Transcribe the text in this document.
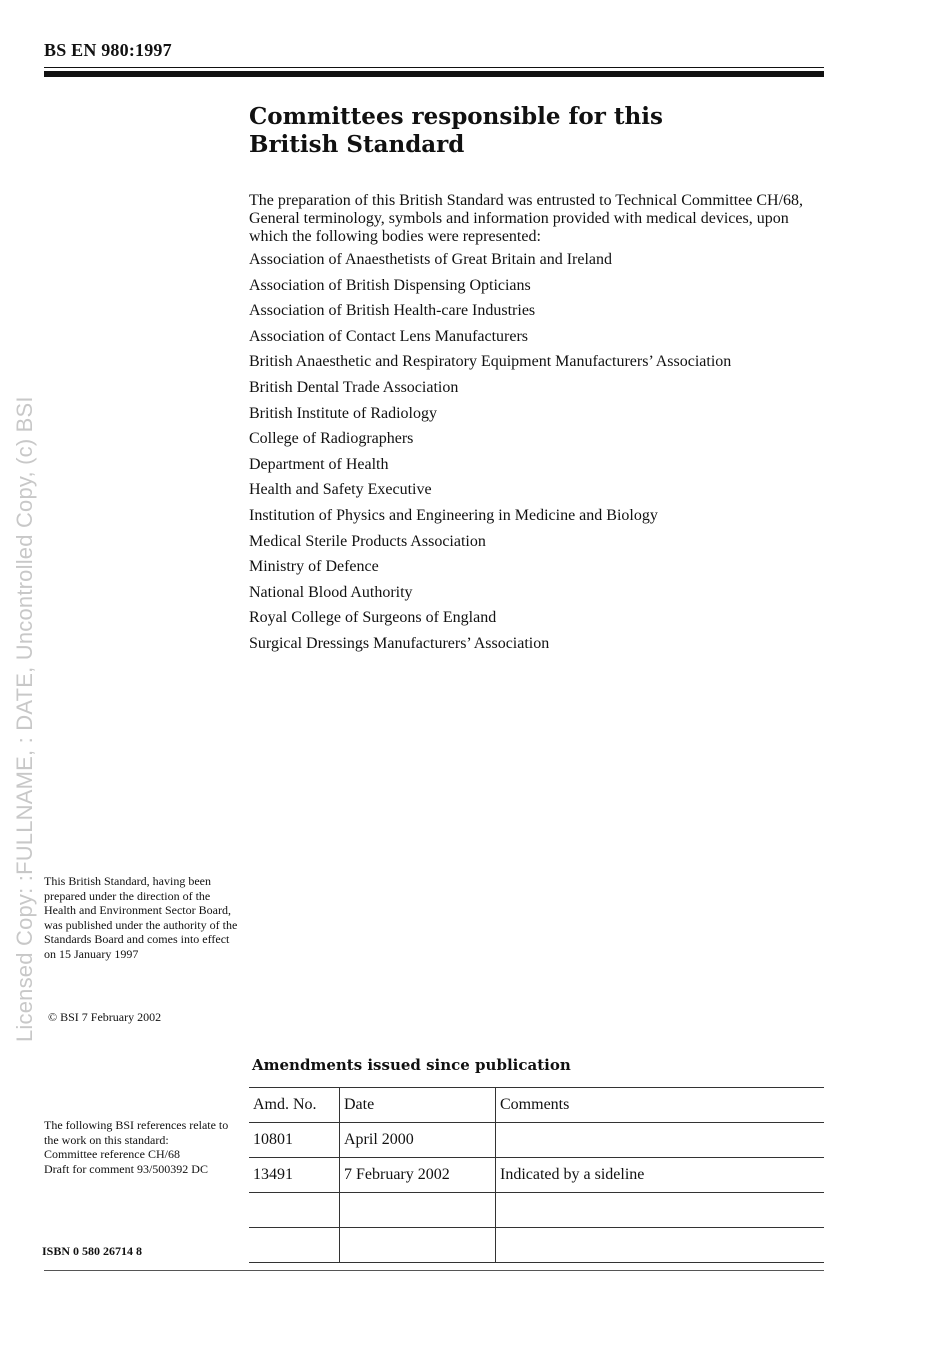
BS EN 980:1997
Licensed Copy: :FULLNAME, : DATE, Uncontrolled Copy, (c) BSI
Committees responsible for this
British Standard

The preparation of this British Standard was entrusted to Technical Committee CH/68, General terminology, symbols and information provided with medical devices, upon which the following bodies were represented:

Association of Anaesthetists of Great Britain and Ireland
Association of British Dispensing Opticians
Association of British Health-care Industries
Association of Contact Lens Manufacturers
British Anaesthetic and Respiratory Equipment Manufacturers’ Association
British Dental Trade Association
British Institute of Radiology
College of Radiographers
Department of Health
Health and Safety Executive
Institution of Physics and Engineering in Medicine and Biology
Medical Sterile Products Association
Ministry of Defence
National Blood Authority
Royal College of Surgeons of England
Surgical Dressings Manufacturers’ Association

This British Standard, having been prepared under the direction of the Health and Environment Sector Board, was published under the authority of the Standards Board and comes into effect on 15 January 1997

© BSI 7 February 2002

The following BSI references relate to the work on this standard:
Committee reference CH/68
Draft for comment 93/500392 DC
ISBN 0 580 26714 8
Amendments issued since publication
Amd. No.	Date	Comments
10801	April 2000	
13491	7 February 2002	Indicated by a sideline
